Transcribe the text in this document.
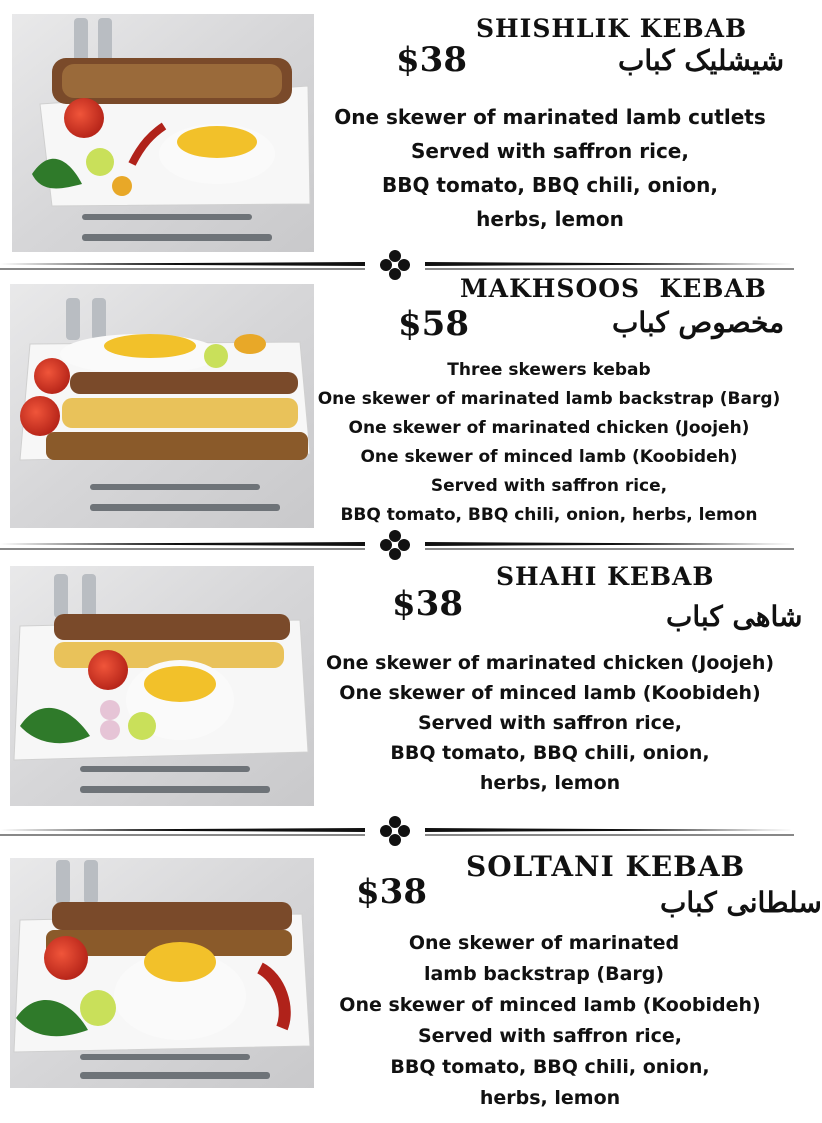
SHISHLIK KEBAB
$38	شیشلیک کباب
One skewer of marinated lamb cutlets
Served with saffron rice,
BBQ tomato, BBQ chili, onion,
herbs, lemon
MAKHSOOS  KEBAB
$58	مخصوص کباب
Three skewers kebab
One skewer of marinated lamb backstrap (Barg)
One skewer of marinated chicken (Joojeh)
One skewer of minced lamb (Koobideh)
Served with saffron rice,
BBQ tomato, BBQ chili, onion, herbs, lemon
SHAHI KEBAB
$38	شاهی کباب
One skewer of marinated chicken (Joojeh)
One skewer of minced lamb (Koobideh)
Served with saffron rice,
BBQ tomato, BBQ chili, onion,
herbs, lemon
SOLTANI KEBAB
$38	سلطانی کباب
One skewer of marinated
lamb backstrap (Barg)
One skewer of minced lamb (Koobideh)
Served with saffron rice,
BBQ tomato, BBQ chili, onion,
herbs, lemon
